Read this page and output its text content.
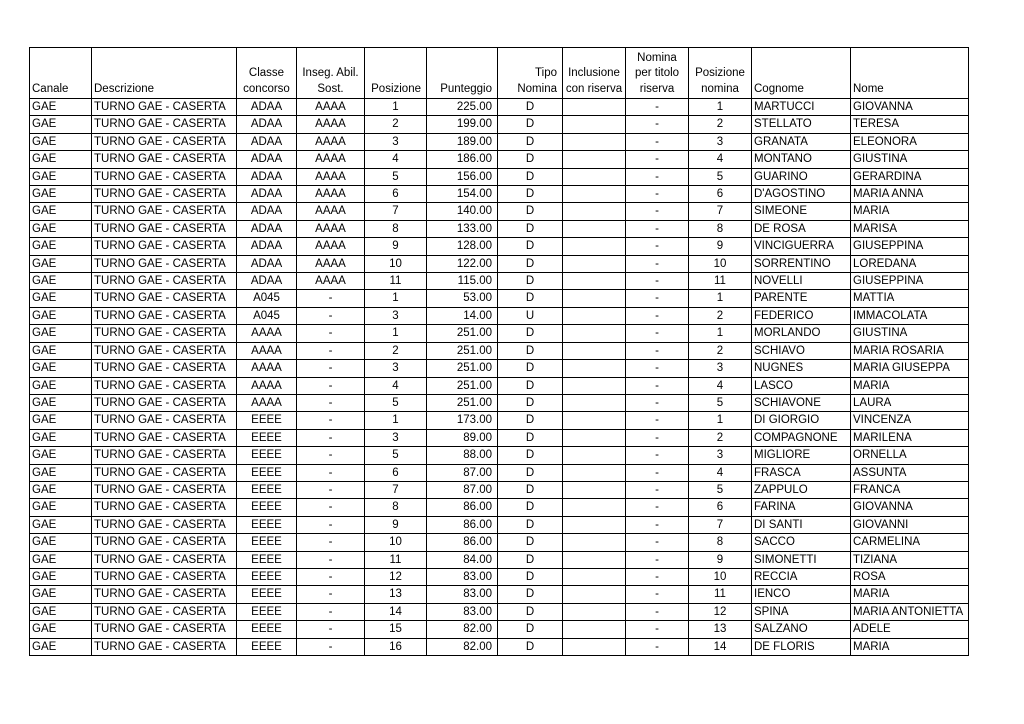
Canale	Descrizione	Classe concorso	Inseg. Abil. Sost.	Posizione	Punteggio	Tipo Nomina	Inclusione con riserva	Nomina per titolo riserva	Posizione nomina	Cognome	Nome
GAE	TURNO GAE - CASERTA	ADAA	AAAA	1	225.00	D		-	1	MARTUCCI	GIOVANNA
GAE	TURNO GAE - CASERTA	ADAA	AAAA	2	199.00	D		-	2	STELLATO	TERESA
GAE	TURNO GAE - CASERTA	ADAA	AAAA	3	189.00	D		-	3	GRANATA	ELEONORA
GAE	TURNO GAE - CASERTA	ADAA	AAAA	4	186.00	D		-	4	MONTANO	GIUSTINA
GAE	TURNO GAE - CASERTA	ADAA	AAAA	5	156.00	D		-	5	GUARINO	GERARDINA
GAE	TURNO GAE - CASERTA	ADAA	AAAA	6	154.00	D		-	6	D'AGOSTINO	MARIA ANNA
GAE	TURNO GAE - CASERTA	ADAA	AAAA	7	140.00	D		-	7	SIMEONE	MARIA
GAE	TURNO GAE - CASERTA	ADAA	AAAA	8	133.00	D		-	8	DE ROSA	MARISA
GAE	TURNO GAE - CASERTA	ADAA	AAAA	9	128.00	D		-	9	VINCIGUERRA	GIUSEPPINA
GAE	TURNO GAE - CASERTA	ADAA	AAAA	10	122.00	D		-	10	SORRENTINO	LOREDANA
GAE	TURNO GAE - CASERTA	ADAA	AAAA	11	115.00	D		-	11	NOVELLI	GIUSEPPINA
GAE	TURNO GAE - CASERTA	A045	-	1	53.00	D		-	1	PARENTE	MATTIA
GAE	TURNO GAE - CASERTA	A045	-	3	14.00	U		-	2	FEDERICO	IMMACOLATA
GAE	TURNO GAE - CASERTA	AAAA	-	1	251.00	D		-	1	MORLANDO	GIUSTINA
GAE	TURNO GAE - CASERTA	AAAA	-	2	251.00	D		-	2	SCHIAVO	MARIA ROSARIA
GAE	TURNO GAE - CASERTA	AAAA	-	3	251.00	D		-	3	NUGNES	MARIA GIUSEPPA
GAE	TURNO GAE - CASERTA	AAAA	-	4	251.00	D		-	4	LASCO	MARIA
GAE	TURNO GAE - CASERTA	AAAA	-	5	251.00	D		-	5	SCHIAVONE	LAURA
GAE	TURNO GAE - CASERTA	EEEE	-	1	173.00	D		-	1	DI GIORGIO	VINCENZA
GAE	TURNO GAE - CASERTA	EEEE	-	3	89.00	D		-	2	COMPAGNONE	MARILENA
GAE	TURNO GAE - CASERTA	EEEE	-	5	88.00	D		-	3	MIGLIORE	ORNELLA
GAE	TURNO GAE - CASERTA	EEEE	-	6	87.00	D		-	4	FRASCA	ASSUNTA
GAE	TURNO GAE - CASERTA	EEEE	-	7	87.00	D		-	5	ZAPPULO	FRANCA
GAE	TURNO GAE - CASERTA	EEEE	-	8	86.00	D		-	6	FARINA	GIOVANNA
GAE	TURNO GAE - CASERTA	EEEE	-	9	86.00	D		-	7	DI SANTI	GIOVANNI
GAE	TURNO GAE - CASERTA	EEEE	-	10	86.00	D		-	8	SACCO	CARMELINA
GAE	TURNO GAE - CASERTA	EEEE	-	11	84.00	D		-	9	SIMONETTI	TIZIANA
GAE	TURNO GAE - CASERTA	EEEE	-	12	83.00	D		-	10	RECCIA	ROSA
GAE	TURNO GAE - CASERTA	EEEE	-	13	83.00	D		-	11	IENCO	MARIA
GAE	TURNO GAE - CASERTA	EEEE	-	14	83.00	D		-	12	SPINA	MARIA ANTONIETTA
GAE	TURNO GAE - CASERTA	EEEE	-	15	82.00	D		-	13	SALZANO	ADELE
GAE	TURNO GAE - CASERTA	EEEE	-	16	82.00	D		-	14	DE FLORIS	MARIA
